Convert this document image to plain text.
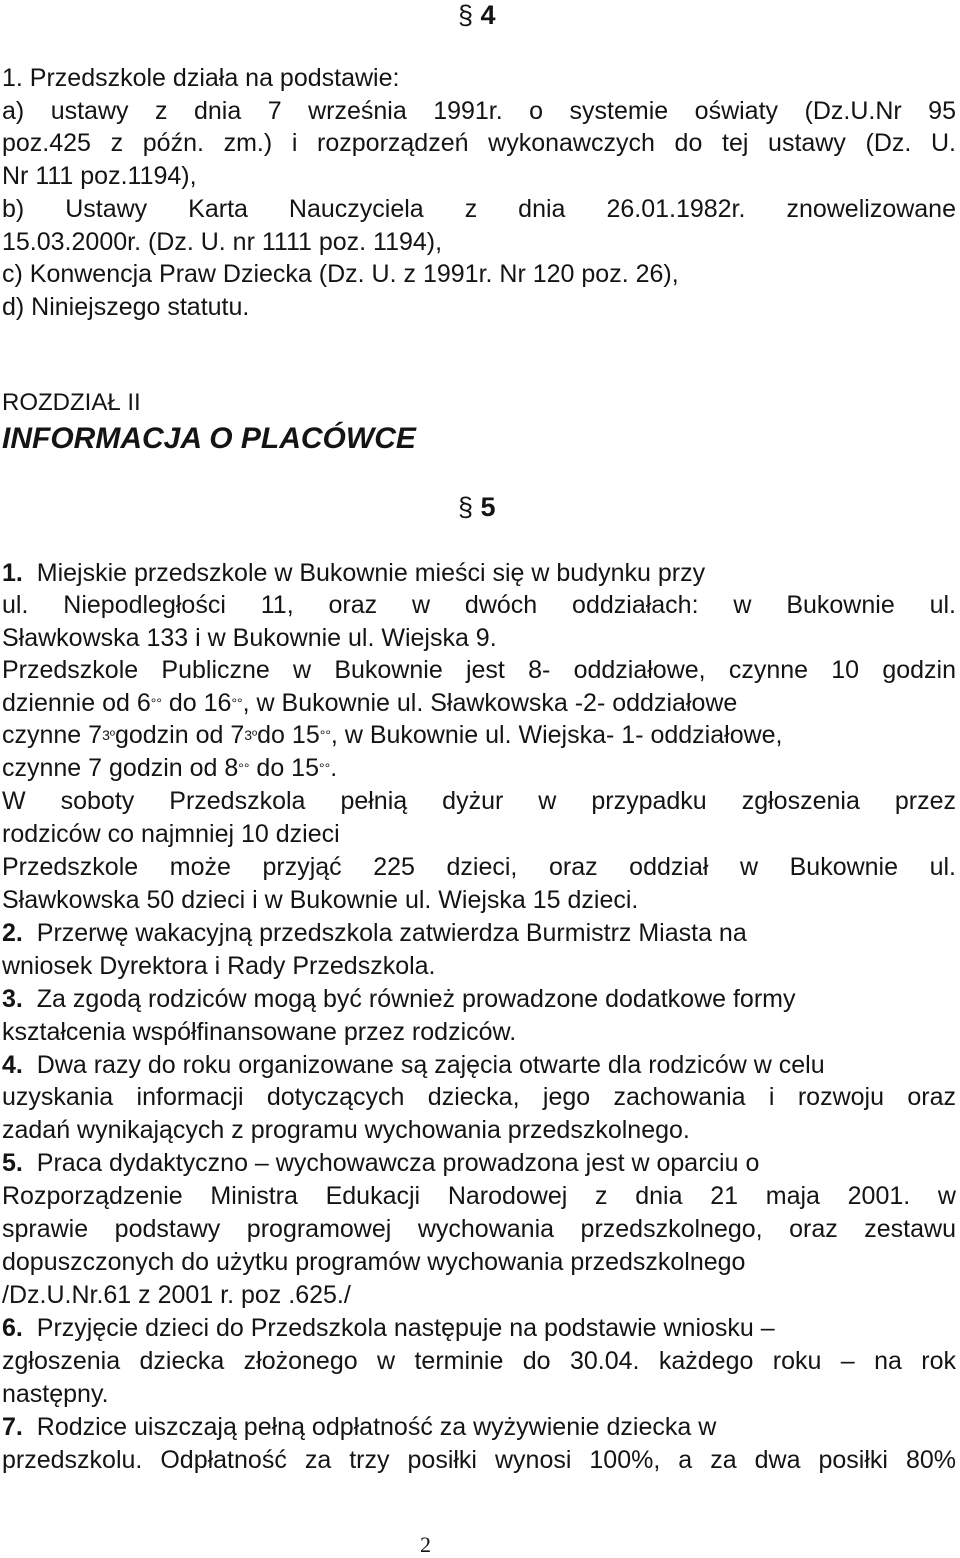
§ 4
1. Przedszkole działa na podstawie:
a) ustawy z dnia 7 września 1991r. o systemie oświaty (Dz.U.Nr 95
poz.425 z późn. zm.) i rozporządzeń wykonawczych do tej ustawy (Dz. U.
Nr 111 poz.1194),
b) Ustawy Karta Nauczyciela z dnia 26.01.1982r. znowelizowane
15.03.2000r. (Dz. U. nr 1111 poz. 1194),
c) Konwencja Praw Dziecka (Dz. U. z 1991r. Nr 120 poz. 26),
d) Niniejszego statutu.
ROZDZIAŁ II
INFORMACJA O PLACÓWCE
§ 5
1. Miejskie przedszkole w Bukownie mieści się w budynku przy
ul. Niepodległości 11, oraz w dwóch oddziałach: w Bukownie ul.
Sławkowska 133 i w Bukownie ul. Wiejska 9.
Przedszkole Publiczne w Bukownie jest 8- oddziałowe, czynne 10 godzin
dziennie od 6°° do 16°°, w Bukownie ul. Sławkowska -2- oddziałowe
czynne $7^{3º}godzin$ od $7^{3º}do$ 15°°, w Bukownie ul. Wiejska- 1- oddziałowe,
czynne 7 godzin od 8°° do 15°°.
W soboty Przedszkola pełnią dyżur w przypadku zgłoszenia przez
rodziców co najmniej 10 dzieci
Przedszkole może przyjąć 225 dzieci, oraz oddział w Bukownie ul.
Sławkowska 50 dzieci i w Bukownie ul. Wiejska 15 dzieci.
2. Przerwę wakacyjną przedszkola zatwierdza Burmistrz Miasta na
wniosek Dyrektora i Rady Przedszkola.
3. Za zgodą rodziców mogą być również prowadzone dodatkowe formy
kształcenia współfinansowane przez rodziców.
4. Dwa razy do roku organizowane są zajęcia otwarte dla rodziców w celu
uzyskania informacji dotyczących dziecka, jego zachowania i rozwoju oraz
zadań wynikających z programu wychowania przedszkolnego.
5. Praca dydaktyczno – wychowawcza prowadzona jest w oparciu o
Rozporządzenie Ministra Edukacji Narodowej z dnia 21 maja 2001. w
sprawie podstawy programowej wychowania przedszkolnego, oraz zestawu
dopuszczonych do użytku programów wychowania przedszkolnego
/Dz.U.Nr.61 z 2001 r. poz .625./
6. Przyjęcie dzieci do Przedszkola następuje na podstawie wniosku –
zgłoszenia dziecka złożonego w terminie do 30.04. każdego roku – na rok
następny.
7. Rodzice uiszczają pełną odpłatność za wyżywienie dziecka w
przedszkolu. Odpłatność za trzy posiłki wynosi 100%, a za dwa posiłki 80%
2
